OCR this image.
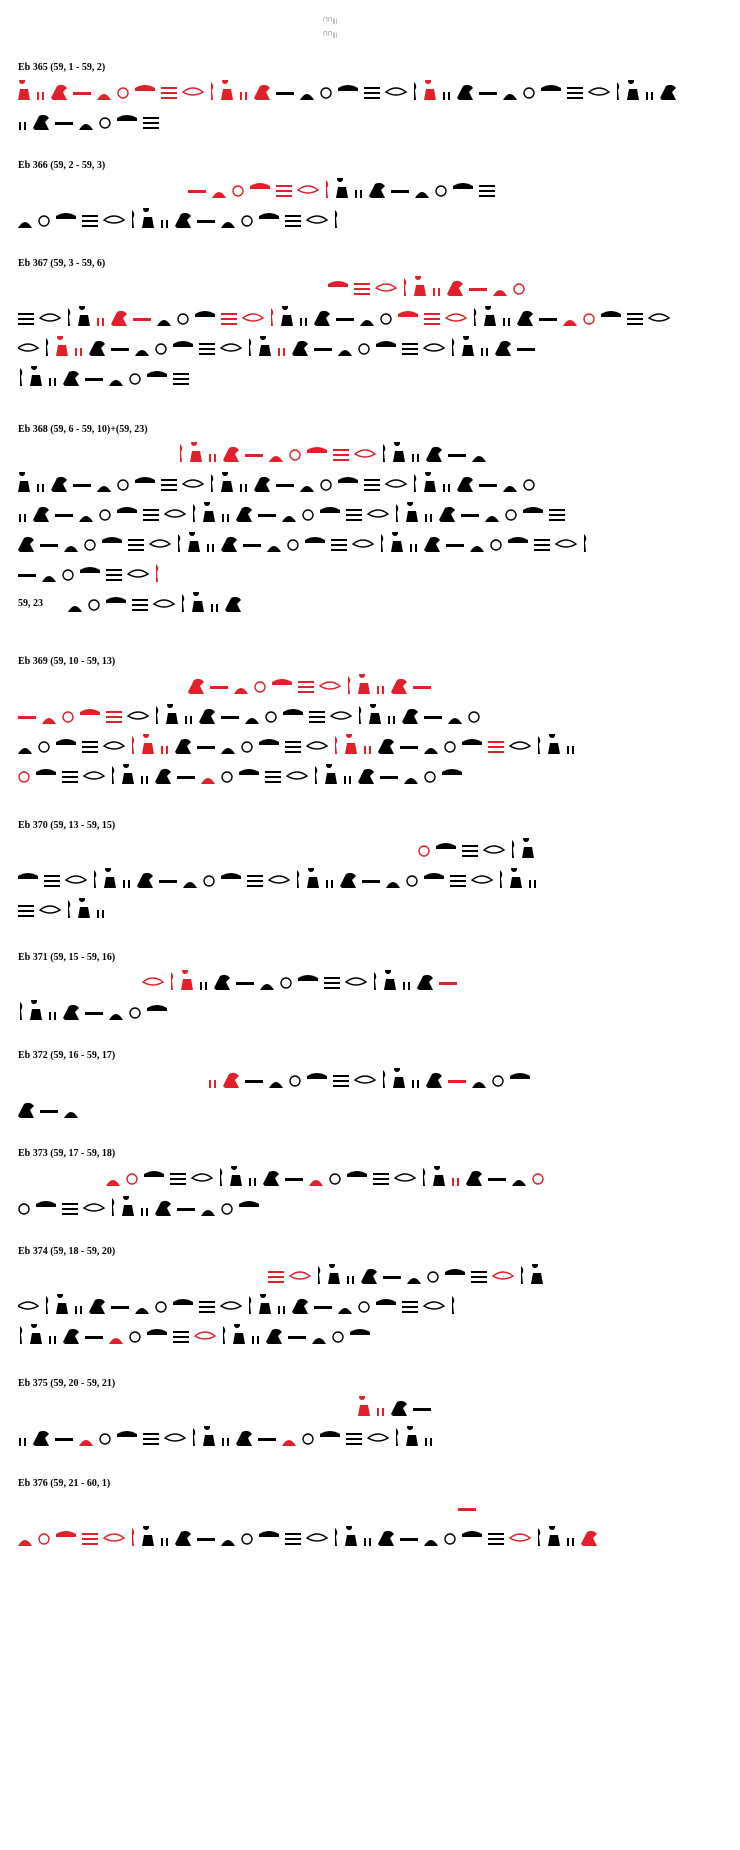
𓎆𓎆𓏺𓏺𓏺
𓎆𓎆𓏺𓏺𓏺
Eb 365 (59, 1 - 59, 2)
Eb 366 (59, 2 - 59, 3)
Eb 367 (59, 3 - 59, 6)
Eb 368 (59, 6 - 59, 10)+(59, 23)
59, 23
Eb 369 (59, 10 - 59, 13)
Eb 370 (59, 13 - 59, 15)
Eb 371 (59, 15 - 59, 16)
Eb 372 (59, 16 - 59, 17)
Eb 373 (59, 17 - 59, 18)
Eb 374 (59, 18 - 59, 20)
Eb 375 (59, 20 - 59, 21)
Eb 376 (59, 21 - 60, 1)
